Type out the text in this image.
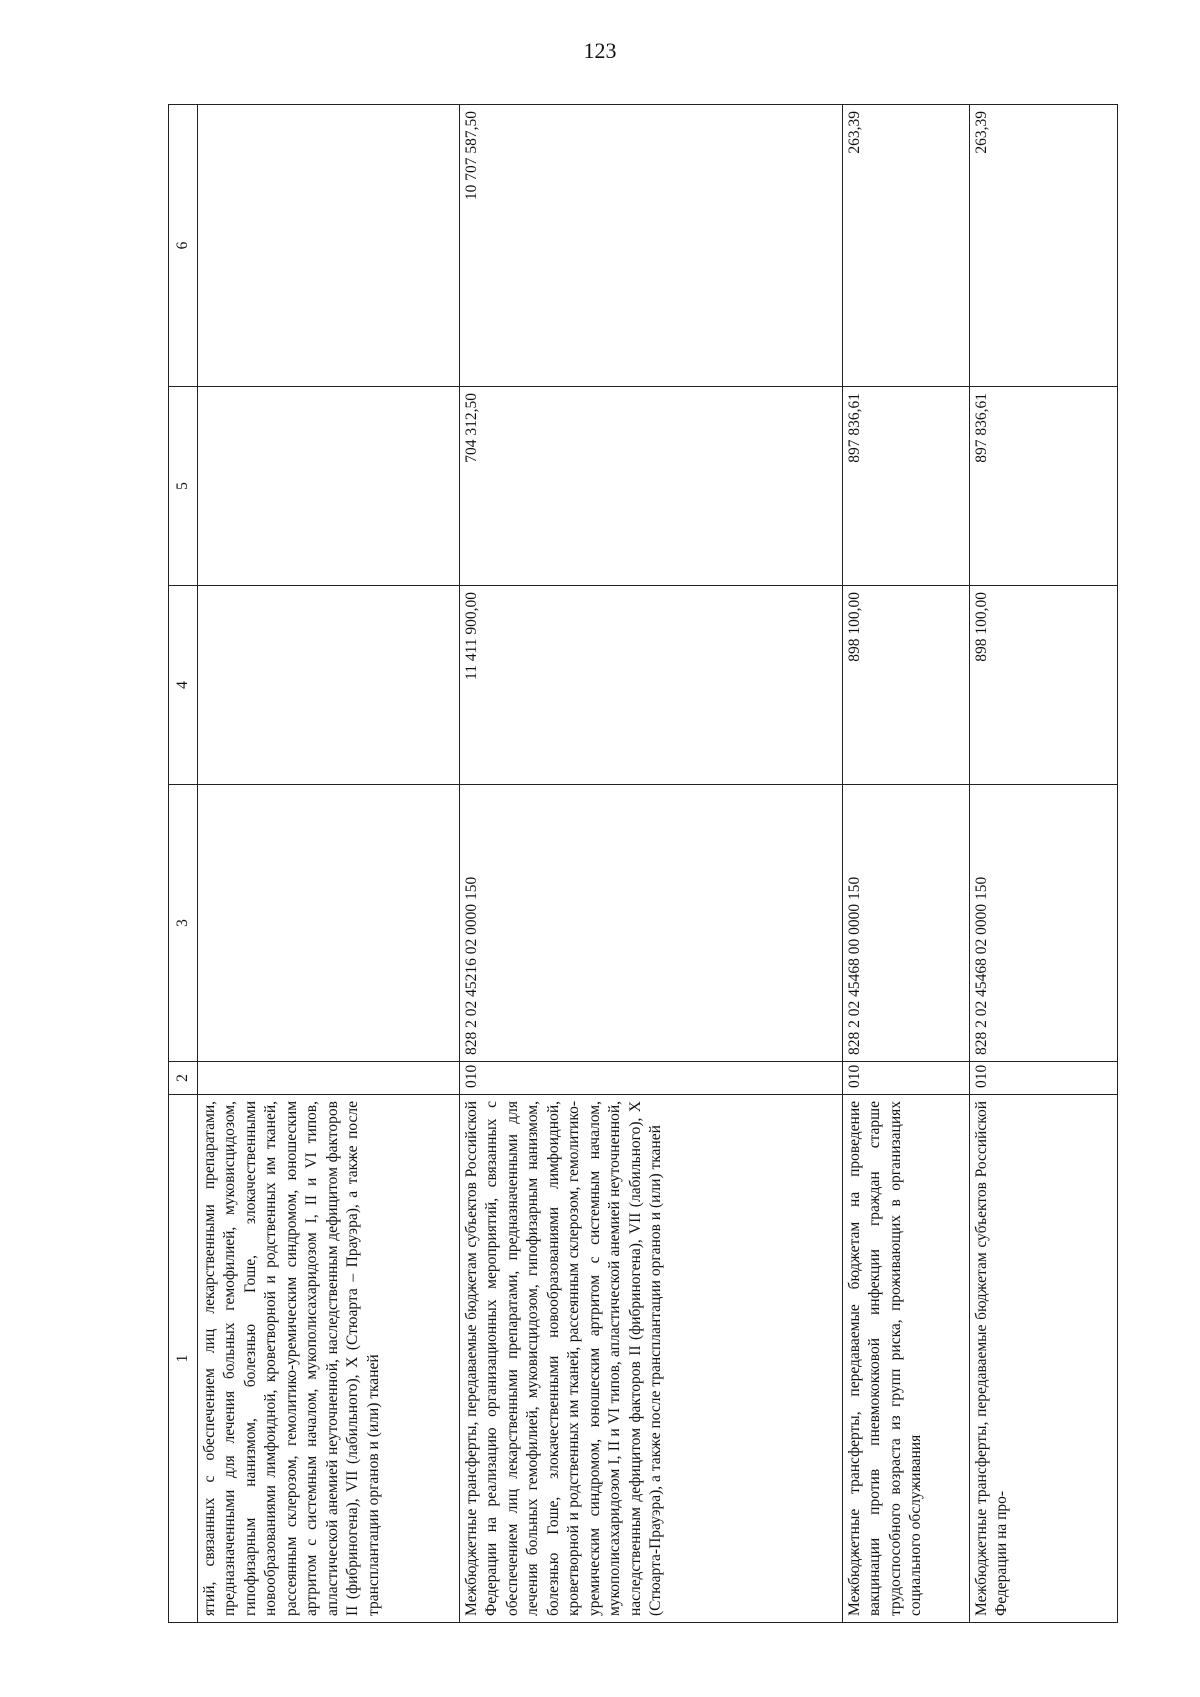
123
1	2	3	4	5	6
ятий, связанных с обеспечением лиц лекарственными препаратами, предназначенными для лечения больных гемофилией, муковисцидозом, гипофизарным нанизмом, болезнью Гоше, злокачественными новообразованиями лимфоидной, кроветворной и родственных им тканей, рассеянным склерозом, гемолитико-уремическим синдромом, юношеским артритом с системным началом, мукополисахаридозом I, II и VI типов, апластической анемией неуточненной, наследственным дефицитом факторов II (фибриногена), VII (лабильного), X (Стюарта – Прауэра), а также после трансплантации органов и (или) тканей					
Межбюджетные трансферты, передаваемые бюджетам субъектов Российской Федерации на реализацию организационных мероприятий, связанных с обеспечением лиц лекарственными препаратами, предназначенными для лечения больных гемофилией, муковисцидозом, гипофизарным нанизмом, болезнью Гоше, злокачественными новообразованиями лимфоидной, кроветворной и родственных им тканей, рассеянным склерозом, гемолитико-уремическим синдромом, юношеским артритом с системным началом, мукополисахаридозом I, II и VI типов, апластической анемией неуточненной, наследственным дефицитом факторов II (фибриногена), VII (лабильного), X (Стюарта-Прауэра), а также после трансплантации органов и (или) тканей	010	828 2 02 45216 02 0000 150	11 411 900,00	704 312,50	10 707 587,50
Межбюджетные трансферты, передаваемые бюджетам на проведение вакцинации против пневмококковой инфекции граждан старше трудоспособного возраста из групп риска, проживающих в организациях социального обслуживания	010	828 2 02 45468 00 0000 150	898 100,00	897 836,61	263,39
Межбюджетные трансферты, передаваемые бюджетам субъектов Российской Федерации на про-	010	828 2 02 45468 02 0000 150	898 100,00	897 836,61	263,39
